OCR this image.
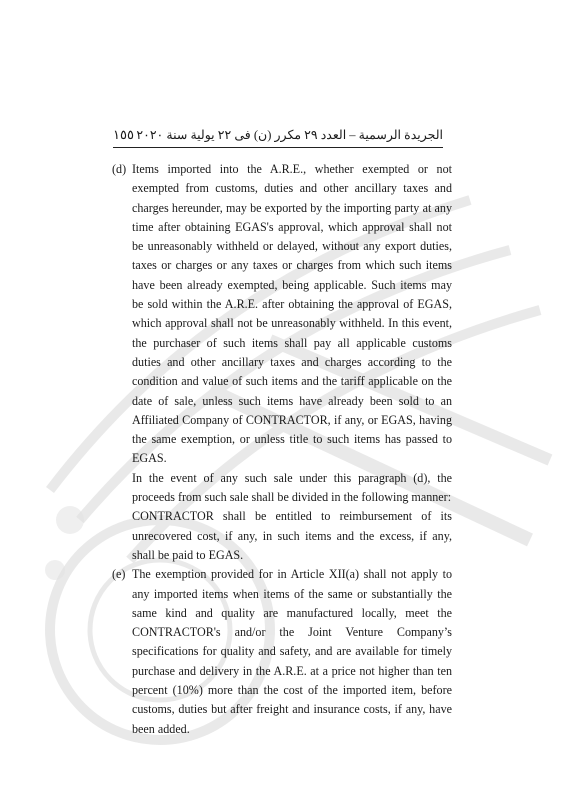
١٥٥ الجريدة الرسمية – العدد ٢٩ مكرر (ن) فى ٢٢ يولية سنة ٢٠٢٠
(d) Items imported into the A.R.E., whether exempted or not exempted from customs, duties and other ancillary taxes and charges hereunder, may be exported by the importing party at any time after obtaining EGAS's approval, which approval shall not be unreasonably withheld or delayed, without any export duties, taxes or charges or any taxes or charges from which such items have been already exempted, being applicable. Such items may be sold within the A.R.E. after obtaining the approval of EGAS, which approval shall not be unreasonably withheld. In this event, the purchaser of such items shall pay all applicable customs duties and other ancillary taxes and charges according to the condition and value of such items and the tariff applicable on the date of sale, unless such items have already been sold to an Affiliated Company of CONTRACTOR, if any, or EGAS, having the same exemption, or unless title to such items has passed to EGAS.

In the event of any such sale under this paragraph (d), the proceeds from such sale shall be divided in the following manner:

CONTRACTOR shall be entitled to reimbursement of its unrecovered cost, if any, in such items and the excess, if any, shall be paid to EGAS.

(e) The exemption provided for in Article XII(a) shall not apply to any imported items when items of the same or substantially the same kind and quality are manufactured locally, meet the CONTRACTOR's and/or the Joint Venture Company’s specifications for quality and safety, and are available for timely purchase and delivery in the A.R.E. at a price not higher than ten percent (10%) more than the cost of the imported item, before customs, duties but after freight and insurance costs, if any, have been added.
